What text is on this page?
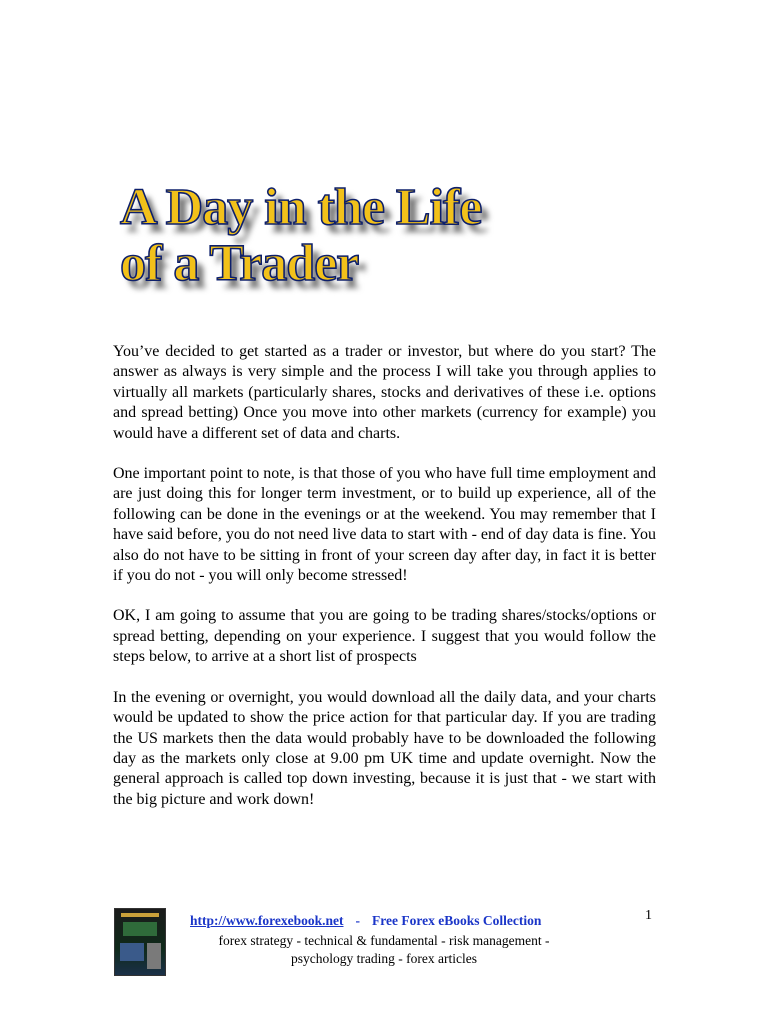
A Day in the Life
of a Trader

You’ve decided to get started as a trader or investor, but where do you start? The answer as always is very simple and the process I will take you through applies to virtually all markets (particularly shares, stocks and derivatives of these i.e. options and spread betting) Once you move into other markets (currency for example) you would have a different set of data and charts.

One important point to note, is that those of you who have full time employment and are just doing this for longer term investment, or to build up experience, all of the following can be done in the evenings or at the weekend. You may remember that I have said before, you do not need live data to start with - end of day data is fine. You also do not have to be sitting in front of your screen day after day, in fact it is better if you do not - you will only become stressed!

OK, I am going to assume that you are going to be trading shares/stocks/options or spread betting, depending on your experience. I suggest that you would follow the steps below, to arrive at a short list of prospects

In the evening or overnight, you would download all the daily data, and your charts would be updated to show the price action for that particular day. If you are trading the US markets then the data would probably have to be downloaded the following day as the markets only close at 9.00 pm UK time and update overnight. Now the general approach is called top down investing, because it is just that - we start with the big picture and work down!

http://www.forexebook.net - Free Forex eBooks Collection
forex strategy - technical & fundamental - risk management -
psychology trading - forex articles
1
